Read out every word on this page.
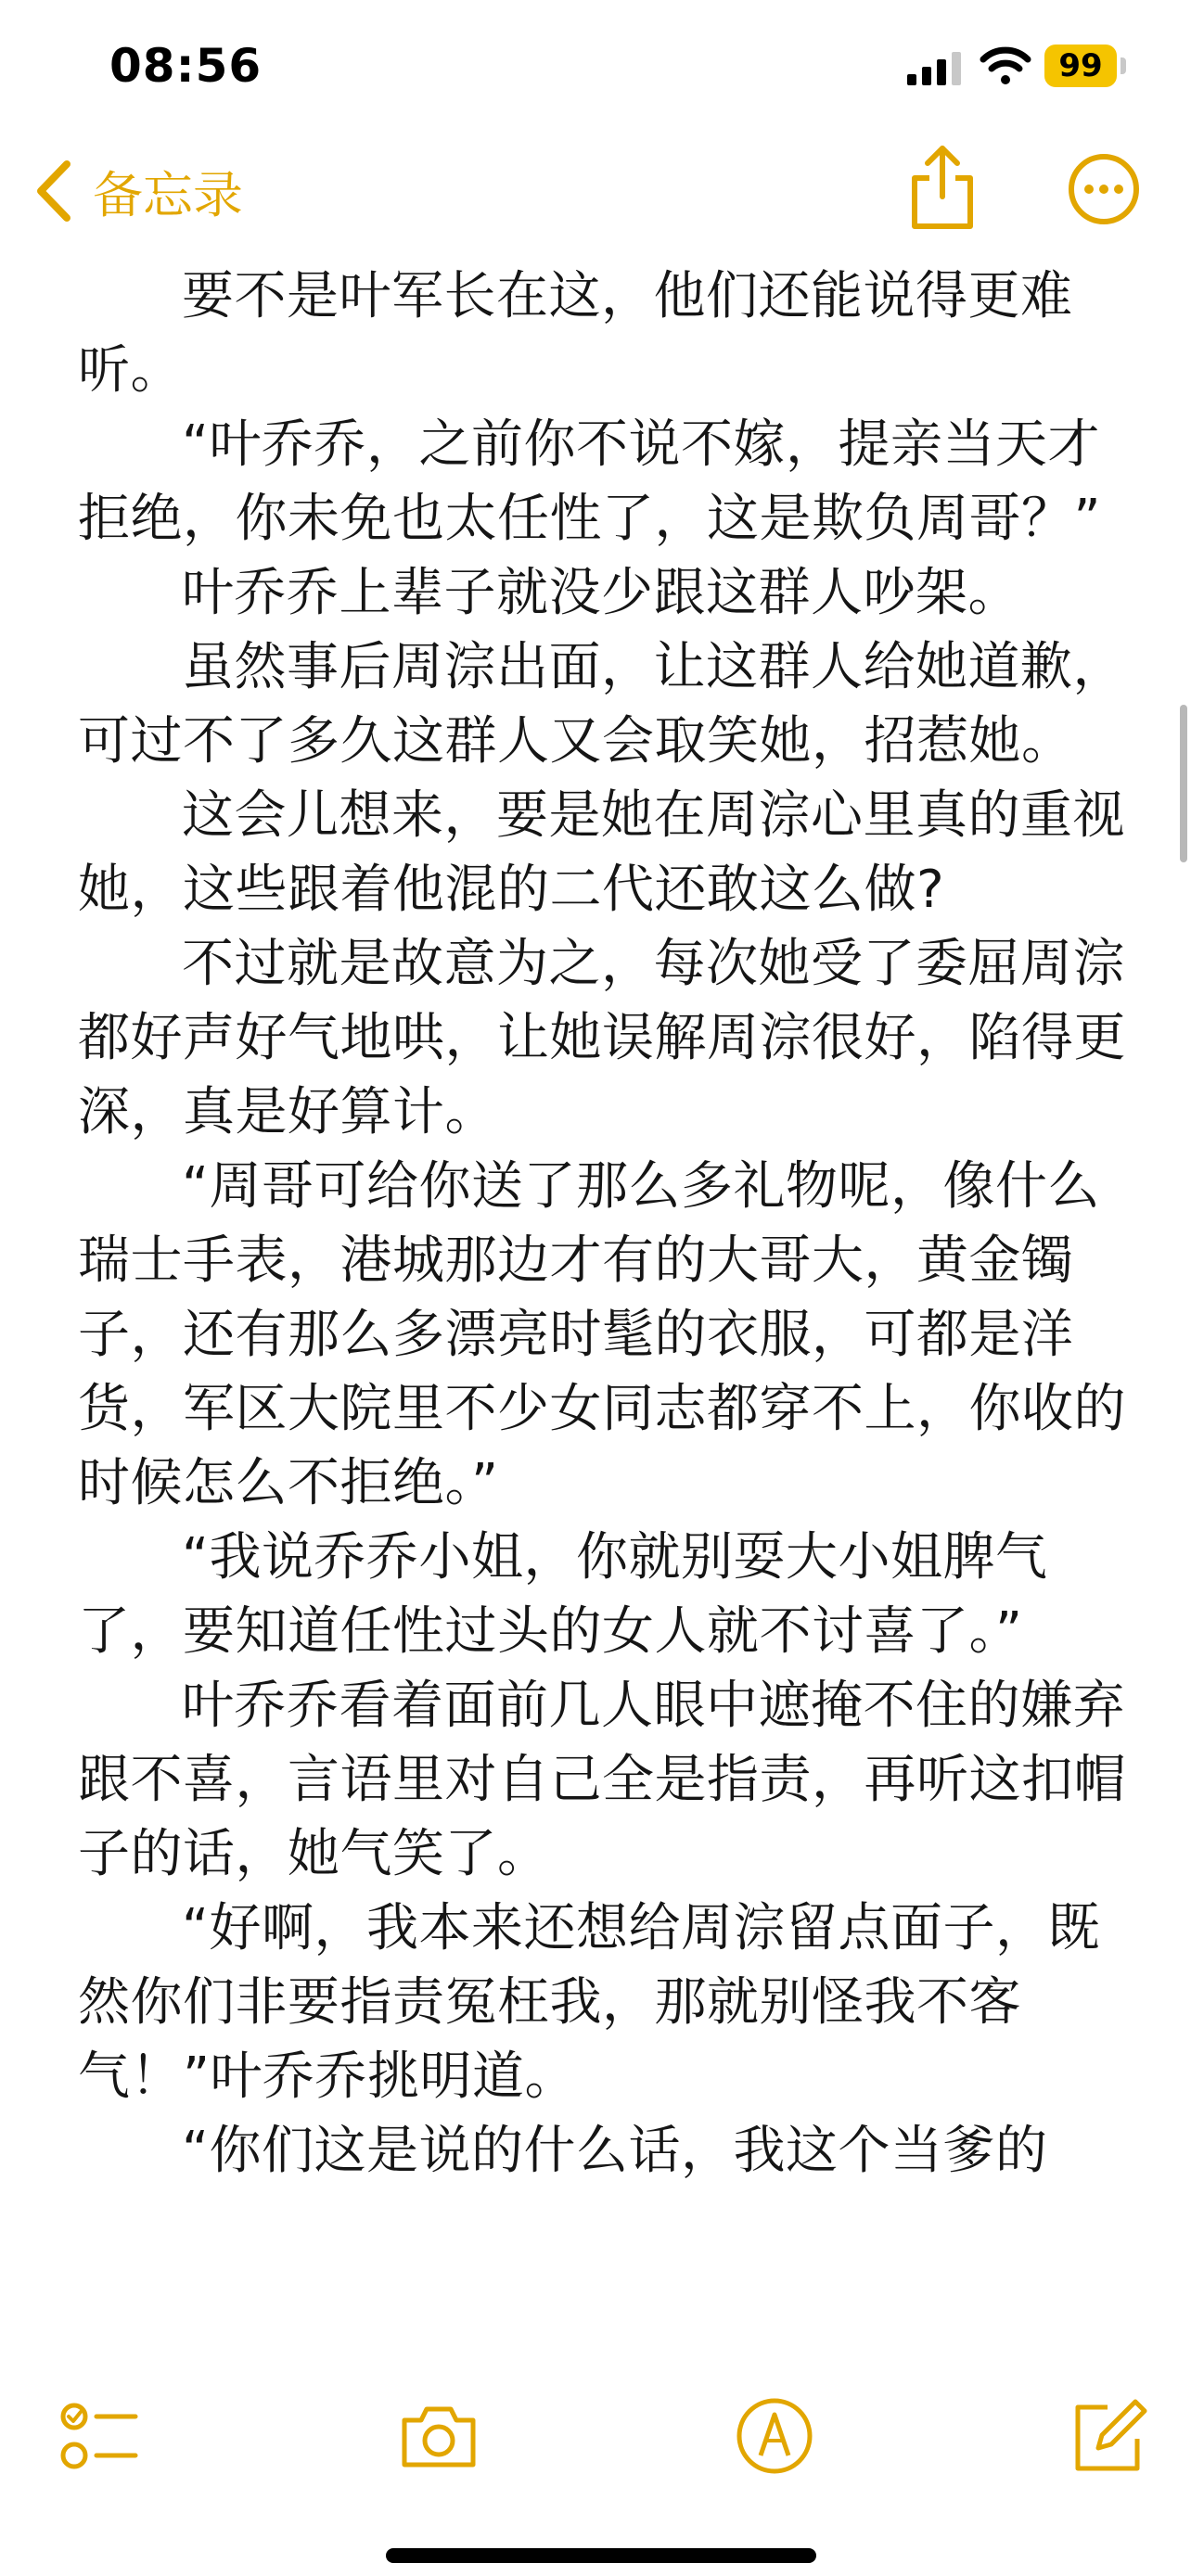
08:56	99
备忘录

要不是叶军长在这，他们还能说得更难听。

“叶乔乔，之前你不说不嫁，提亲当天才拒绝，你未免也太任性了，这是欺负周哥？”

叶乔乔上辈子就没少跟这群人吵架。

虽然事后周淙出面，让这群人给她道歉，可过不了多久这群人又会取笑她，招惹她。

这会儿想来，要是她在周淙心里真的重视她，这些跟着他混的二代还敢这么做?

不过就是故意为之，每次她受了委屈周淙都好声好气地哄，让她误解周淙很好，陷得更深，真是好算计。

“周哥可给你送了那么多礼物呢，像什么瑞士手表，港城那边才有的大哥大，黄金镯子，还有那么多漂亮时髦的衣服，可都是洋货，军区大院里不少女同志都穿不上，你收的时候怎么不拒绝。”

“我说乔乔小姐，你就别耍大小姐脾气了，要知道任性过头的女人就不讨喜了。”

叶乔乔看着面前几人眼中遮掩不住的嫌弃跟不喜，言语里对自己全是指责，再听这扣帽子的话，她气笑了。

“好啊，我本来还想给周淙留点面子，既然你们非要指责冤枉我，那就别怪我不客气！”叶乔乔挑明道。

“你们这是说的什么话，我这个当爹的
